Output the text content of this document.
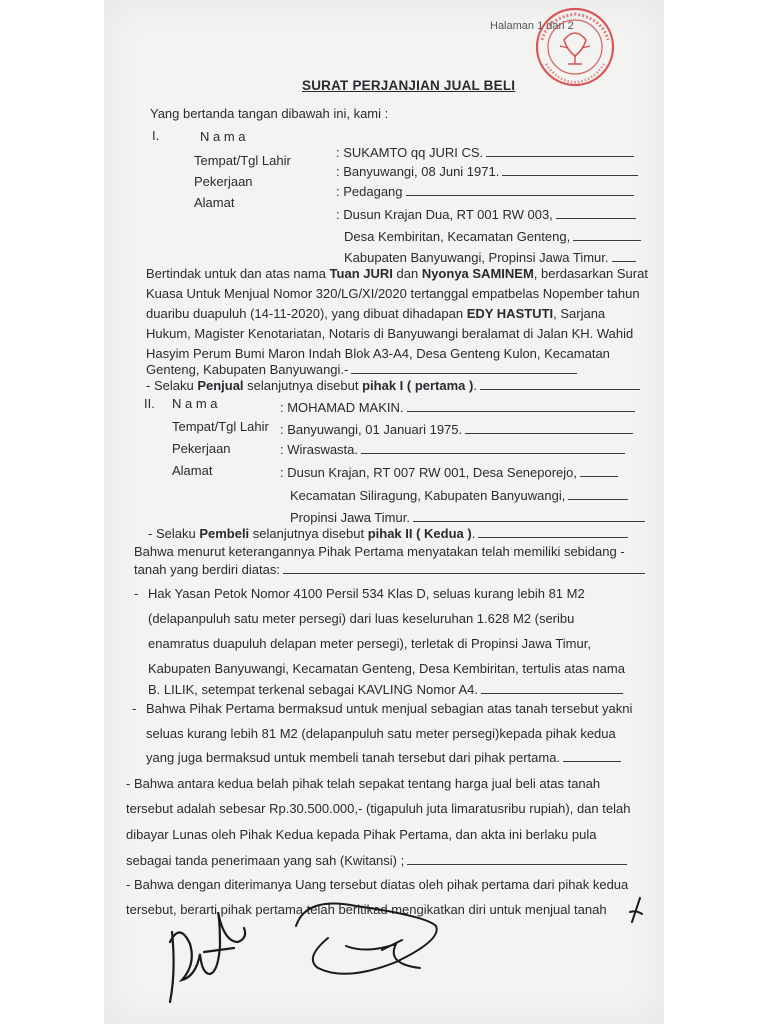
Halaman 1 dari 2
SURAT PERJANJIAN JUAL BELI
Yang bertanda tangan dibawah ini, kami :
I.	N a m a
Tempat/Tgl Lahir
Pekerjaan
Alamat
: SUKAMTO qq JURI CS.
: Banyuwangi, 08 Juni 1971.
: Pedagang
: Dusun Krajan Dua, RT 001 RW 003,
Desa Kembiritan, Kecamatan Genteng,
Kabupaten Banyuwangi, Propinsi Jawa Timur.
Bertindak untuk dan atas nama Tuan JURI dan Nyonya SAMINEM, berdasarkan Surat
Kuasa Untuk Menjual Nomor 320/LG/XI/2020 tertanggal empatbelas Nopember tahun
duaribu duapuluh (14-11-2020), yang dibuat dihadapan EDY HASTUTI, Sarjana
Hukum, Magister Kenotariatan, Notaris di Banyuwangi beralamat di Jalan KH. Wahid
Hasyim Perum Bumi Maron Indah Blok A3-A4, Desa Genteng Kulon, Kecamatan
Genteng, Kabupaten Banyuwangi.-
- Selaku Penjual selanjutnya disebut pihak I ( pertama ).
II. N a m a
Tempat/Tgl Lahir
Pekerjaan
Alamat
: MOHAMAD MAKIN.
: Banyuwangi, 01 Januari 1975.
: Wiraswasta.
: Dusun Krajan, RT 007 RW 001, Desa Seneporejo,
Kecamatan Siliragung, Kabupaten Banyuwangi,
Propinsi Jawa Timur.
- Selaku Pembeli selanjutnya disebut pihak II ( Kedua ).
Bahwa menurut keterangannya Pihak Pertama menyatakan telah memiliki sebidang -
tanah yang berdiri diatas:
- Hak Yasan Petok Nomor 4100 Persil 534 Klas D, seluas kurang lebih 81 M2
(delapanpuluh satu meter persegi) dari luas keseluruhan 1.628 M2 (seribu
enamratus duapuluh delapan meter persegi), terletak di Propinsi Jawa Timur,
Kabupaten Banyuwangi, Kecamatan Genteng, Desa Kembiritan, tertulis atas nama
B. LILIK, setempat terkenal sebagai KAVLING Nomor A4.
- Bahwa Pihak Pertama bermaksud untuk menjual sebagian atas tanah tersebut yakni
seluas kurang lebih 81 M2 (delapanpuluh satu meter persegi)kepada pihak kedua
yang juga bermaksud untuk membeli tanah tersebut dari pihak pertama.
- Bahwa antara kedua belah pihak telah sepakat tentang harga jual beli atas tanah
tersebut adalah sebesar Rp.30.500.000,- (tigapuluh juta limaratusribu rupiah), dan telah
dibayar Lunas oleh Pihak Kedua kepada Pihak Pertama, dan akta ini berlaku pula
sebagai tanda penerimaan yang sah (Kwitansi) ;
- Bahwa dengan diterimanya Uang tersebut diatas oleh pihak pertama dari pihak kedua
tersebut, berarti pihak pertama telah beritikad mengikatkan diri untuk menjual tanah
